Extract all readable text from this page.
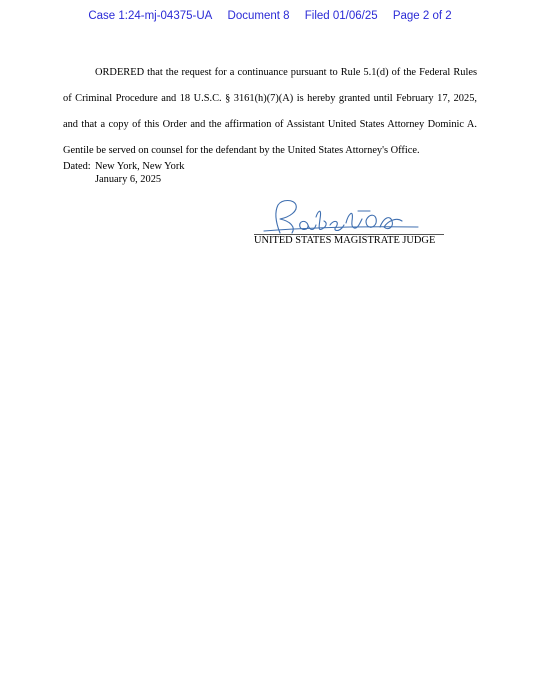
Case 1:24-mj-04375-UA Document 8 Filed 01/06/25 Page 2 of 2

ORDERED that the request for a continuance pursuant to Rule 5.1(d) of the Federal Rules of Criminal Procedure and 18 U.S.C. § 3161(h)(7)(A) is hereby granted until February 17, 2025, and that a copy of this Order and the affirmation of Assistant United States Attorney Dominic A. Gentile be served on counsel for the defendant by the United States Attorney's Office.

Dated: New York, New York
January 6, 2025
UNITED STATES MAGISTRATE JUDGE
